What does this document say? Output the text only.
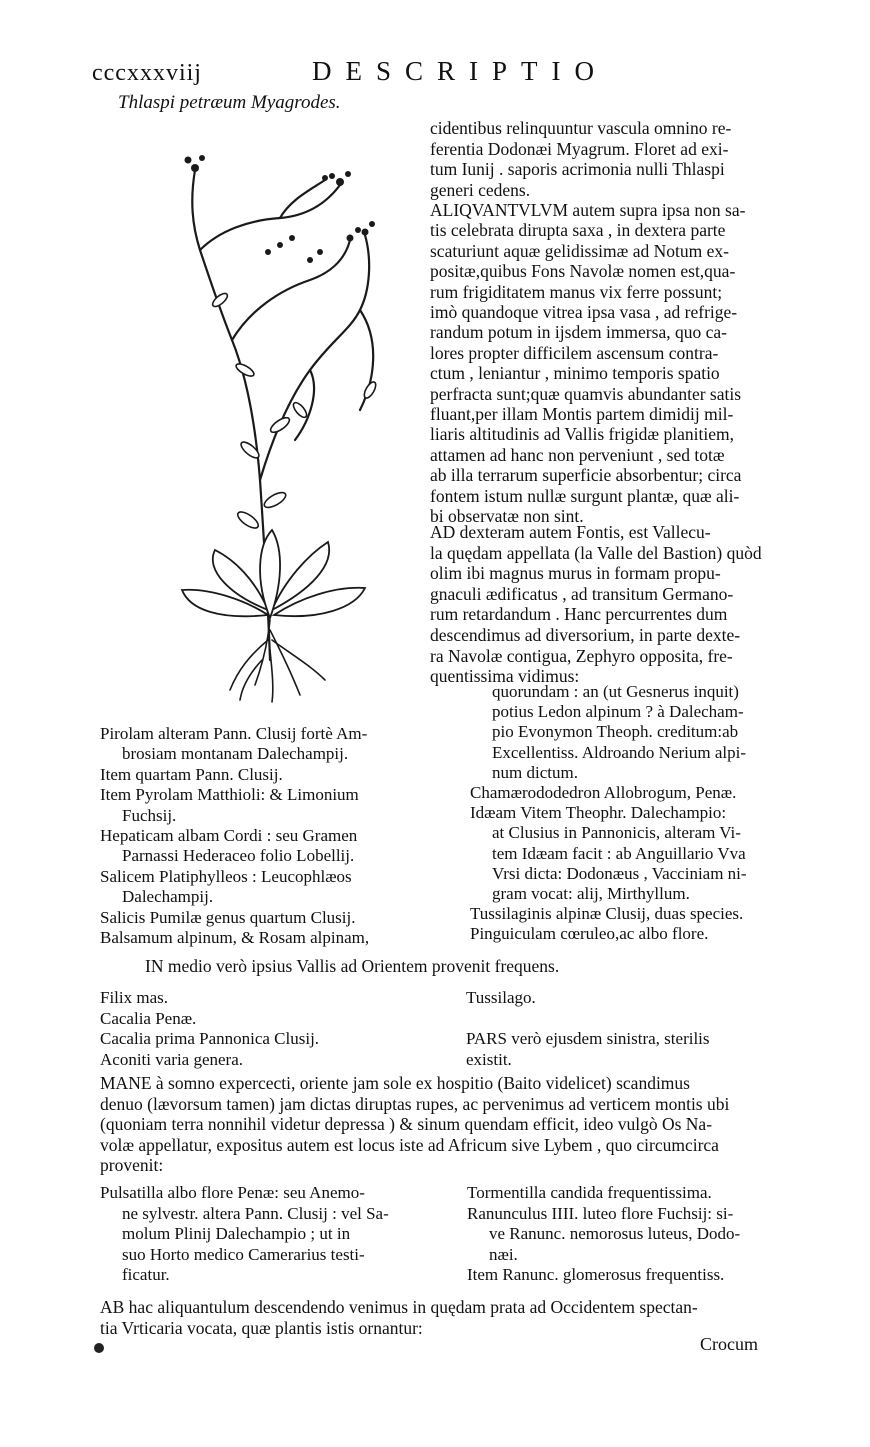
cccxxxviij	DESCRIPTIO
Thlaspi petræum Myagrodes.
cidentibus relinquuntur vascula omnino re-
ferentia Dodonæi Myagrum. Floret ad exi-
tum Iunij . saporis acrimonia nulli Thlaspi
generi cedens.
ALIQVANTVLVM autem supra ipsa non sa-
tis celebrata dirupta saxa , in dextera parte
scaturiunt aquæ gelidissimæ ad Notum ex-
positæ,quibus Fons Navolæ nomen est,qua-
rum frigiditatem manus vix ferre possunt;
imò quandoque vitrea ipsa vasa , ad refrige-
randum potum in ijsdem immersa, quo ca-
lores propter difficilem ascensum contra-
ctum , leniantur , minimo temporis spatio
perfracta sunt;quæ quamvis abundanter satis
fluant,per illam Montis partem dimidij mil-
liaris altitudinis ad Vallis frigidæ planitiem,
attamen ad hanc non perveniunt , sed totæ
ab illa terrarum superficie absorbentur; circa
fontem istum nullæ surgunt plantæ, quæ ali-
bi observatæ non sint.
AD dexteram autem Fontis, est Vallecu-
la quędam appellata (la Valle del Bastion) quòd
olim ibi magnus murus in formam propu-
gnaculi ædificatus , ad transitum Germano-
rum retardandum . Hanc percurrentes dum
descendimus ad diversorium, in parte dexte-
ra Navolæ contigua, Zephyro opposita, fre-
quentissima vidimus:
Pirolam alteram Pann. Clusij fortè Am-
brosiam montanam Dalechampij.
Item quartam Pann. Clusij.
Item Pyrolam Matthioli: & Limonium
Fuchsij.
Hepaticam albam Cordi : seu Gramen
Parnassi Hederaceo folio Lobellij.
Salicem Platiphylleos : Leucophlæos
Dalechampij.
Salicis Pumilæ genus quartum Clusij.
Balsamum alpinum, & Rosam alpinam,
quorundam : an (ut Gesnerus inquit)
potius Ledon alpinum ? à Dalecham-
pio Evonymon Theoph. creditum:ab
Excellentiss. Aldroando Nerium alpi-
num dictum.
Chamærododedron Allobrogum, Penæ.
Idæam Vitem Theophr. Dalechampio:
at Clusius in Pannonicis, alteram Vi-
tem Idæam facit : ab Anguillario Vva
Vrsi dicta: Dodonæus , Vacciniam ni-
gram vocat: alij, Mirthyllum.
Tussilaginis alpinæ Clusij, duas species.
Pinguiculam cœruleo,ac albo flore.
IN medio verò ipsius Vallis ad Orientem provenit frequens.
Filix mas.
Cacalia Penæ.
Cacalia prima Pannonica Clusij.
Aconiti varia genera.
Tussilago.
PARS verò ejusdem sinistra, sterilis
existit.
MANE à somno expercecti, oriente jam sole ex hospitio (Baito videlicet) scandimus
denuo (lævorsum tamen) jam dictas diruptas rupes, ac pervenimus ad verticem montis ubi
(quoniam terra nonnihil videtur depressa ) & sinum quendam efficit, ideo vulgò Os Na-
volæ appellatur, expositus autem est locus iste ad Africum sive Lybem , quo circumcirca
provenit:
Pulsatilla albo flore Penæ: seu Anemo-
ne sylvestr. altera Pann. Clusij : vel Sa-
molum Plinij Dalechampio ; ut in
suo Horto medico Camerarius testi-
ficatur.
Tormentilla candida frequentissima.
Ranunculus IIII. luteo flore Fuchsij: si-
ve Ranunc. nemorosus luteus, Dodo-
næi.
Item Ranunc. glomerosus frequentiss.
AB hac aliquantulum descendendo venimus in quędam prata ad Occidentem spectan-
tia Vrticaria vocata, quæ plantis istis ornantur:
Crocum
